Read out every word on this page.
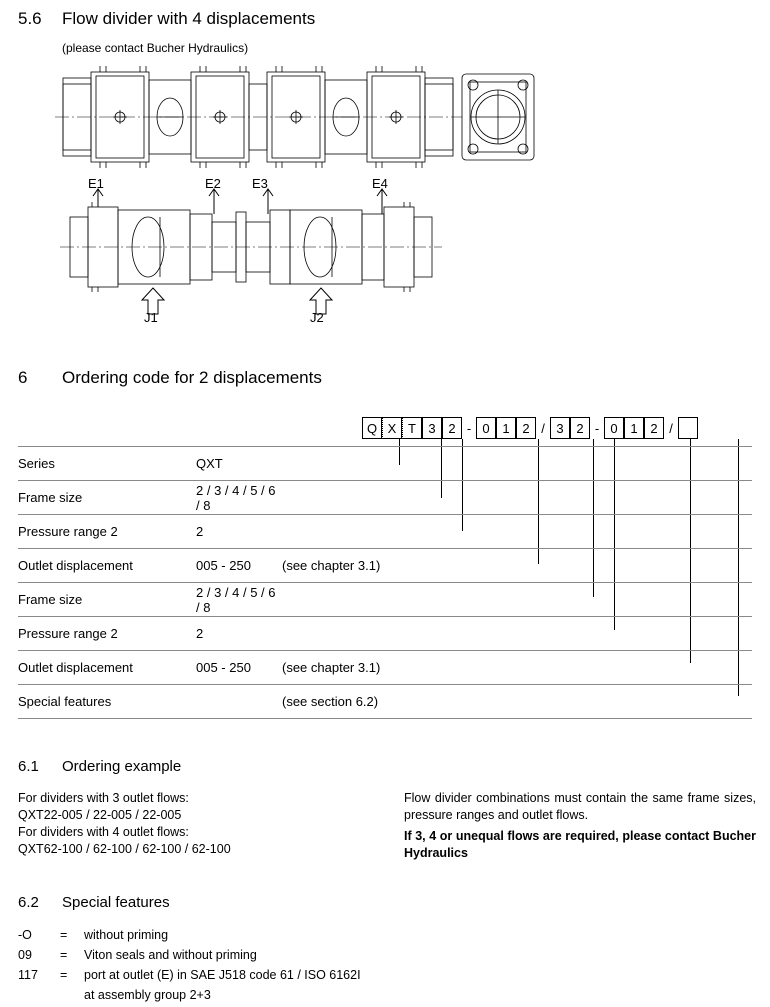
5.6	Flow divider with 4 displacements
(please contact Bucher Hydraulics)
E1	E2 E3	E4
J1	J2
6	Ordering code for 2 displacements
Q X T 3 2 - 0 1 2 / 3 2 - 0 1 2 /
Series	QXT	
Frame size	2 / 3 / 4 / 5 / 6 / 8	
Pressure range 2	2	
Outlet displacement	005 - 250	(see chapter 3.1)
Frame size	2 / 3 / 4 / 5 / 6 / 8	
Pressure range 2	2	
Outlet displacement	005 - 250	(see chapter 3.1)
Special features		(see section 6.2)
6.1	Ordering example
For dividers with 3 outlet flows:
QXT22-005 / 22-005 / 22-005
For dividers with 4 outlet flows:
QXT62-100 / 62-100 / 62-100 / 62-100
Flow divider combinations must contain the same frame sizes, pressure ranges and outlet flows.
If 3, 4 or unequal flows are required, please contact Bucher Hydraulics
6.2	Special features
-O	=	without priming
09	=	Viton seals and without priming
117	=	port at outlet (E) in SAE J518 code 61 / ISO 6162I
at assembly group 2+3
